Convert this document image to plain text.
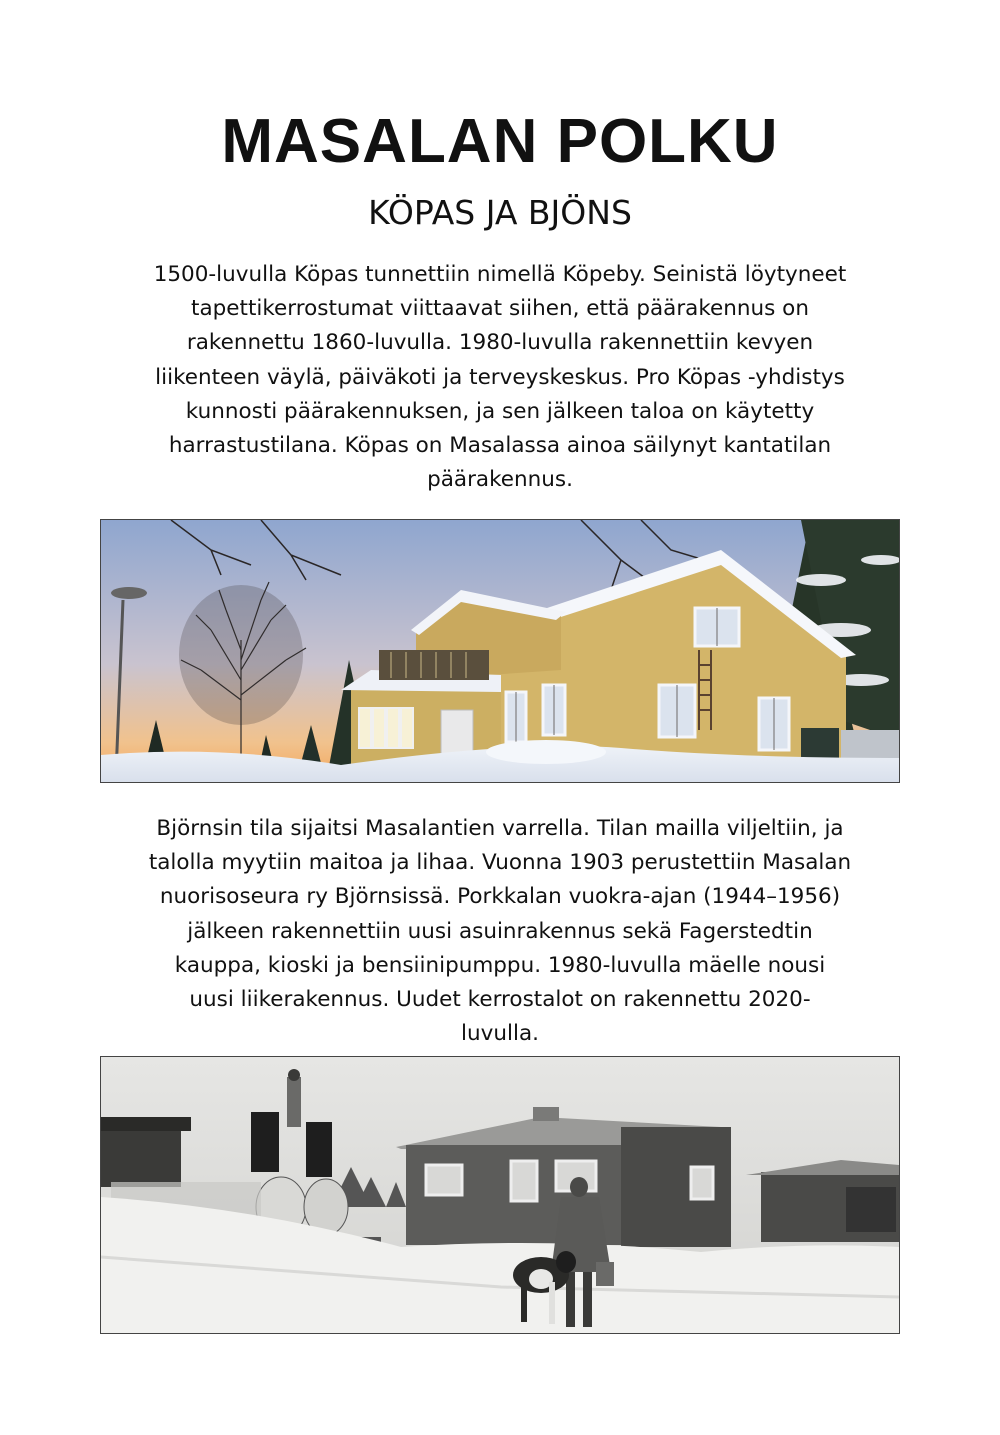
MASALAN POLKU
KÖPAS JA BJÖNS
1500-luvulla Köpas tunnettiin nimellä Köpeby. Seinistä löytyneet
tapettikerrostumat viittaavat siihen, että päärakennus on
rakennettu 1860-luvulla. 1980-luvulla rakennettiin kevyen
liikenteen väylä, päiväkoti ja terveyskeskus. Pro Köpas -yhdistys
kunnosti päärakennuksen, ja sen jälkeen taloa on käytetty
harrastustilana. Köpas on Masalassa ainoa säilynyt kantatilan
päärakennus.
Björnsin tila sijaitsi Masalantien varrella. Tilan mailla viljeltiin, ja
talolla myytiin maitoa ja lihaa. Vuonna 1903 perustettiin Masalan
nuorisoseura ry Björnsissä. Porkkalan vuokra-ajan (1944–1956)
jälkeen rakennettiin uusi asuinrakennus sekä Fagerstedtin
kauppa, kioski ja bensiinipumppu. 1980-luvulla mäelle nousi
uusi liikerakennus. Uudet kerrostalot on rakennettu 2020-
luvulla.
